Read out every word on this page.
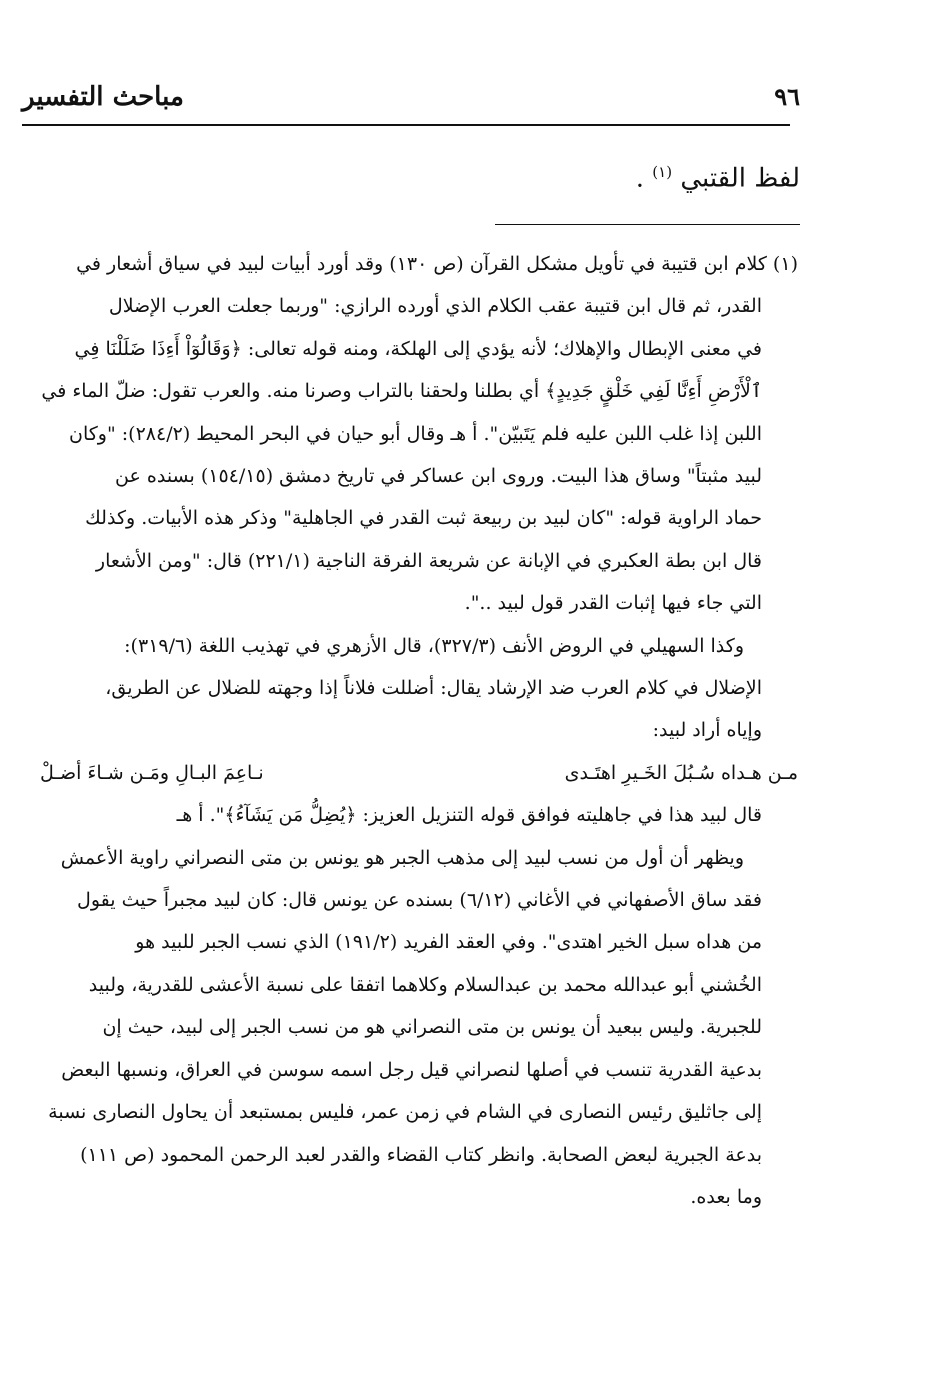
٩٦
مباحث التفسير
لفظ القتبي $^{(١)}$ .

(١) كلام ابن قتيبة في تأويل مشكل القرآن (ص ١٣٠) وقد أورد أبيات لبيد في سياق أشعار في

القدر، ثم قال ابن قتيبة عقب الكلام الذي أورده الرازي: "وربما جعلت العرب الإضلال

في معنى الإبطال والإهلاك؛ لأنه يؤدي إلى الهلكة، ومنه قوله تعالى: ﴿وَقَالُوٓاْ أَءِذَا ضَلَلْنَا فِي

ٱلْأَرْضِ أَءِنَّا لَفِي خَلْقٍ جَدِيدٍ﴾ أي بطلنا ولحقنا بالتراب وصرنا منه. والعرب تقول: ضلّ الماء في

اللبن إذا غلب اللبن عليه فلم يَتَبيّن". أ هـ وقال أبو حيان في البحر المحيط (٢٨٤/٢): "وكان

لبيد مثبتاً" وساق هذا البيت. وروى ابن عساكر في تاريخ دمشق (١٥٤/١٥) بسنده عن

حماد الراوية قوله: "كان لبيد بن ربيعة ثبت القدر في الجاهلية" وذكر هذه الأبيات. وكذلك

قال ابن بطة العكبري في الإبانة عن شريعة الفرقة الناجية (٢٢١/١) قال: "ومن الأشعار

التي جاء فيها إثبات القدر قول لبيد ..".

وكذا السهيلي في الروض الأنف (٣٢٧/٣)، قال الأزهري في تهذيب اللغة (٣١٩/٦):

الإضلال في كلام العرب ضد الإرشاد يقال: أضللت فلاناً إذا وجهته للضلال عن الطريق،

وإياه أراد لبيد:

مـن هـداه سُـبُلَ الخَـيرِ اهتَـدى
نـاعِمَ البـالِ ومَـن شـاءَ أضـلْ

قال لبيد هذا في جاهليته فوافق قوله التنزيل العزيز: ﴿يُضِلُّ مَن يَشَآءُ﴾". أ هـ

ويظهر أن أول من نسب لبيد إلى مذهب الجبر هو يونس بن متى النصراني راوية الأعمش

فقد ساق الأصفهاني في الأغاني (٦/١٢) بسنده عن يونس قال: كان لبيد مجبراً حيث يقول

من هداه سبل الخير اهتدى". وفي العقد الفريد (١٩١/٢) الذي نسب الجبر للبيد هو

الخُشني أبو عبدالله محمد بن عبدالسلام وكلاهما اتفقا على نسبة الأعشى للقدرية، ولبيد

للجبرية. وليس ببعيد أن يونس بن متى النصراني هو من نسب الجبر إلى لبيد، حيث إن

بدعية القدرية تنسب في أصلها لنصراني قيل رجل اسمه سوسن في العراق، ونسبها البعض

إلى جاثليق رئيس النصارى في الشام في زمن عمر، فليس بمستبعد أن يحاول النصارى نسبة

بدعة الجبرية لبعض الصحابة. وانظر كتاب القضاء والقدر لعبد الرحمن المحمود (ص ١١١)

وما بعده.
